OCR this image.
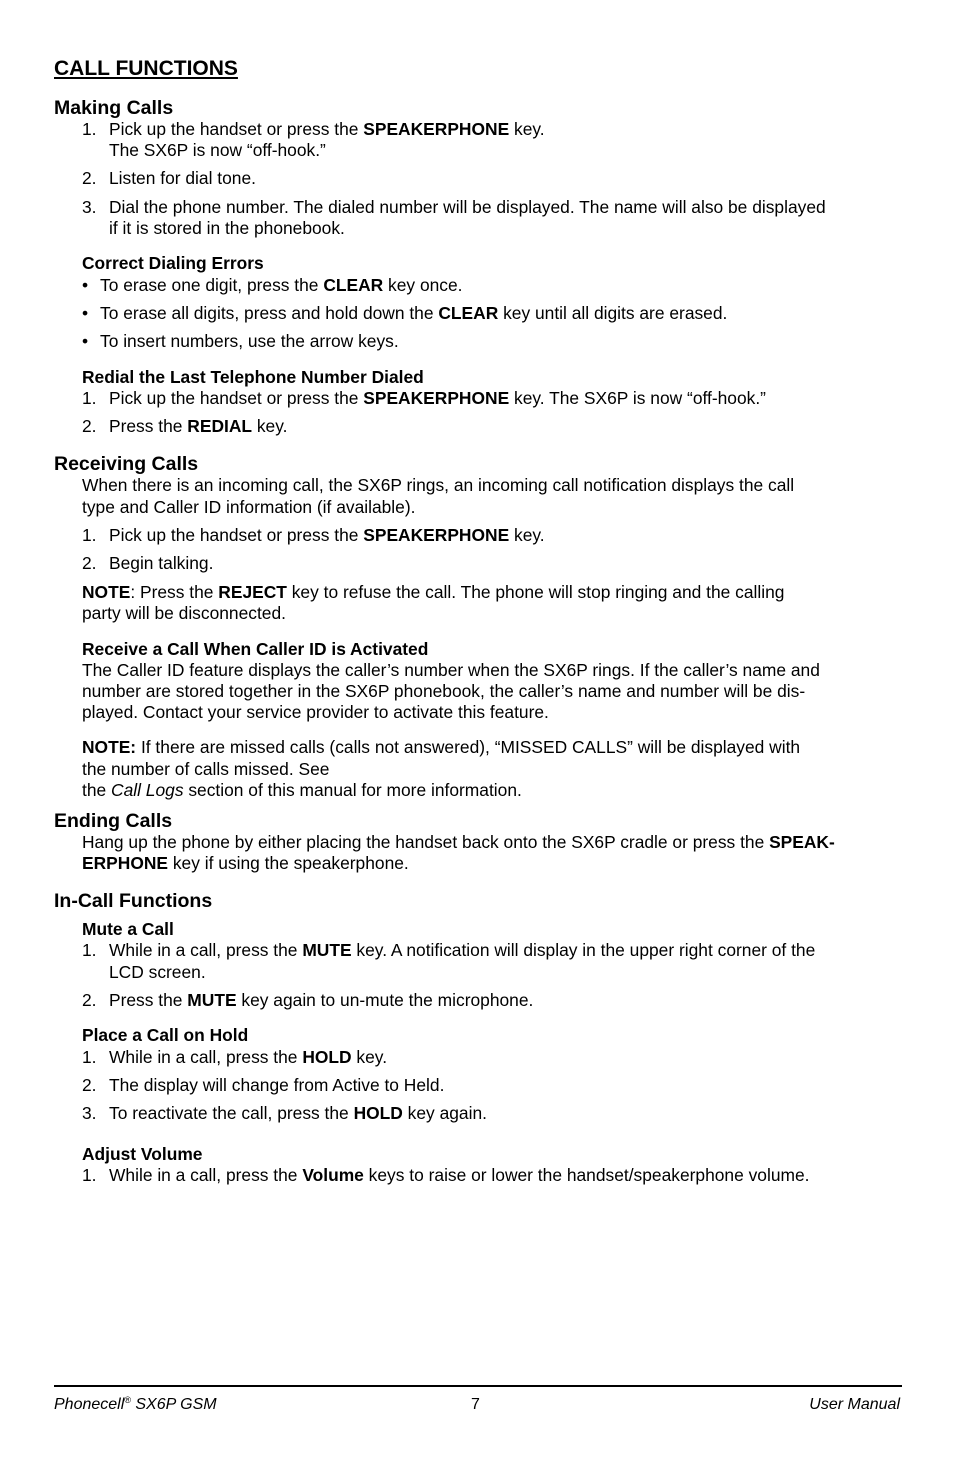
CALL FUNCTIONS
Making Calls
1. Pick up the handset or press the SPEAKERPHONE key.
The SX6P is now “off-hook.”
2. Listen for dial tone.
3. Dial the phone number. The dialed number will be displayed. The name will also be displayed
if it is stored in the phonebook.
Correct Dialing Errors
• To erase one digit, press the CLEAR key once.
• To erase all digits, press and hold down the CLEAR key until all digits are erased.
• To insert numbers, use the arrow keys.
Redial the Last Telephone Number Dialed
1. Pick up the handset or press the SPEAKERPHONE key. The SX6P is now “off-hook.”
2. Press the REDIAL key.
Receiving Calls
When there is an incoming call, the SX6P rings, an incoming call notification displays the call
type and Caller ID information (if available).
1. Pick up the handset or press the SPEAKERPHONE key.
2. Begin talking.
NOTE: Press the REJECT key to refuse the call. The phone will stop ringing and the calling
party will be disconnected.
Receive a Call When Caller ID is Activated
The Caller ID feature displays the caller’s number when the SX6P rings. If the caller’s name and
number are stored together in the SX6P phonebook, the caller’s name and number will be dis-
played. Contact your service provider to activate this feature.
NOTE: If there are missed calls (calls not answered), “MISSED CALLS” will be displayed with
the number of calls missed. See
the Call Logs section of this manual for more information.
Ending Calls
Hang up the phone by either placing the handset back onto the SX6P cradle or press the SPEAK-
ERPHONE key if using the speakerphone.
In-Call Functions
Mute a Call
1. While in a call, press the MUTE key. A notification will display in the upper right corner of the
LCD screen.
2. Press the MUTE key again to un-mute the microphone.
Place a Call on Hold
1. While in a call, press the HOLD key.
2. The display will change from Active to Held.
3. To reactivate the call, press the HOLD key again.
Adjust Volume
1. While in a call, press the Volume keys to raise or lower the handset/speakerphone volume.
Phonecell® SX6P GSM	7	User Manual
